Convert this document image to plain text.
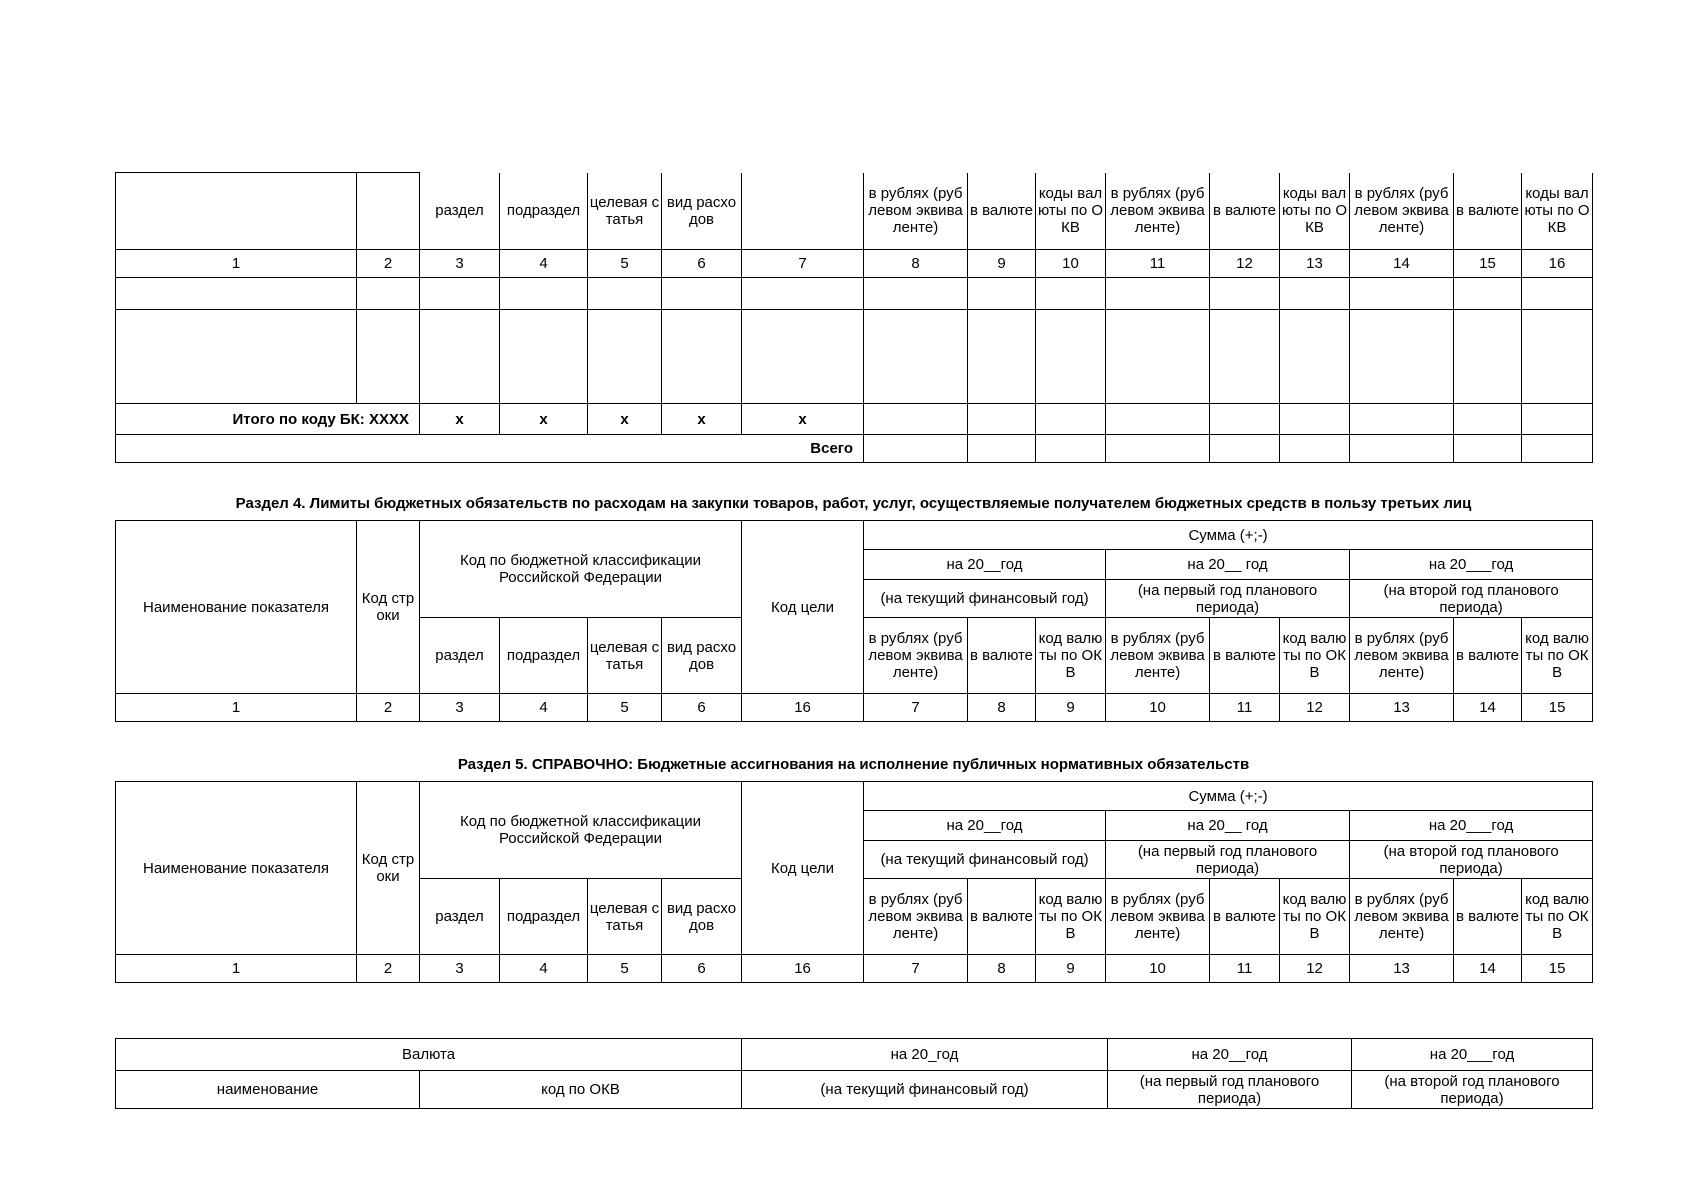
		раздел	подраздел	целевая статья	вид расходов		в рублях (рублевом эквиваленте)	в валюте	коды валюты по ОКВ	в рублях (рублевом эквиваленте)	в валюте	коды валюты по ОКВ	в рублях (рублевом эквиваленте)	в валюте	коды валюты по ОКВ
1	2	3	4	5	6	7	8	9	10	11	12	13	14	15	16

Итого по коду БК: XXXX		x	x	x	x	x									
		Всего													
Раздел 4. Лимиты бюджетных обязательств по расходам на закупки товаров, работ, услуг, осуществляемые получателем бюджетных средств в пользу третьих лиц
Наименование показателя	Код строки	Код по бюджетной классификации Российской Федерации				Код цели	Сумма (+;-)								
							на 20__год			на 20__ год			на 20___год		
							(на текущий финансовый год)			(на первый год планового периода)			(на второй год планового периода)		
		раздел	подраздел	целевая статья	вид расходов		в рублях (рублевом эквиваленте)	в валюте	код валюты по ОКВ	в рублях (рублевом эквиваленте)	в валюте	код валюты по ОКВ	в рублях (рублевом эквиваленте)	в валюте	код валюты по ОКВ
1	2	3	4	5	6	16	7	8	9	10	11	12	13	14	15
Раздел 5. СПРАВОЧНО: Бюджетные ассигнования на исполнение публичных нормативных обязательств
Наименование показателя	Код строки	Код по бюджетной классификации Российской Федерации				Код цели	Сумма (+;-)								
							на 20__год			на 20__ год			на 20___год		
							(на текущий финансовый год)			(на первый год планового периода)			(на второй год планового периода)		
		раздел	подраздел	целевая статья	вид расходов		в рублях (рублевом эквиваленте)	в валюте	код валюты по ОКВ	в рублях (рублевом эквиваленте)	в валюте	код валюты по ОКВ	в рублях (рублевом эквиваленте)	в валюте	код валюты по ОКВ
1	2	3	4	5	6	16	7	8	9	10	11	12	13	14	15
Валюта		на 20_год	на 20__год	на 20___год
наименование	код по ОКВ	(на текущий финансовый год)	(на первый год планового периода)	(на второй год планового периода)
